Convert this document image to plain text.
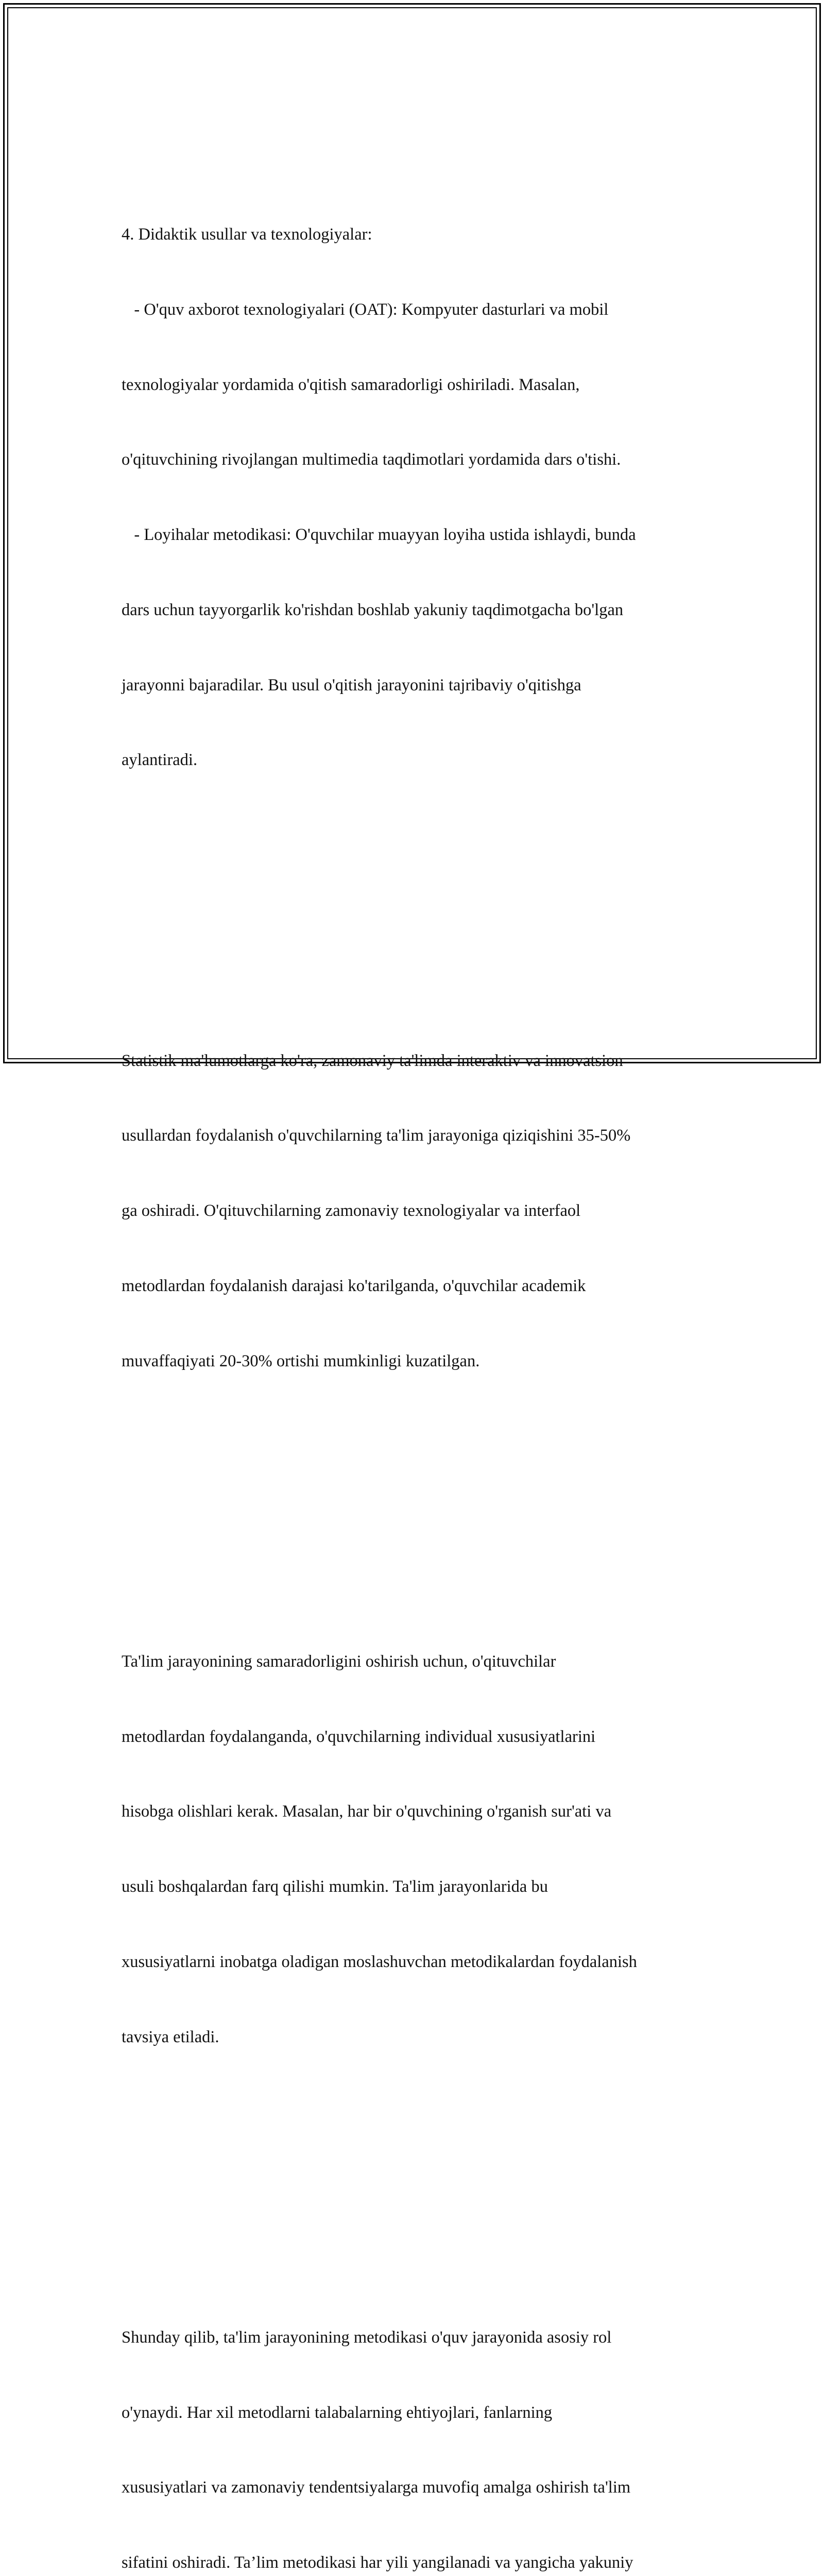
4. Didaktik usullar va texnologiyalar:

- O'quv axborot texnologiyalari (OAT): Kompyuter dasturlari va mobil

texnologiyalar yordamida o'qitish samaradorligi oshiriladi. Masalan,

o'qituvchining rivojlangan multimedia taqdimotlari yordamida dars o'tishi.

- Loyihalar metodikasi: O'quvchilar muayyan loyiha ustida ishlaydi, bunda

dars uchun tayyorgarlik ko'rishdan boshlab yakuniy taqdimotgacha bo'lgan

jarayonni bajaradilar. Bu usul o'qitish jarayonini tajribaviy o'qitishga

aylantiradi.

Statistik ma'lumotlarga ko'ra, zamonaviy ta'limda interaktiv va innovatsion

usullardan foydalanish o'quvchilarning ta'lim jarayoniga qiziqishini 35-50%

ga oshiradi. O'qituvchilarning zamonaviy texnologiyalar va interfaol

metodlardan foydalanish darajasi ko'tarilganda, o'quvchilar academik

muvaffaqiyati 20-30% ortishi mumkinligi kuzatilgan.

Ta'lim jarayonining samaradorligini oshirish uchun, o'qituvchilar

metodlardan foydalanganda, o'quvchilarning individual xususiyatlarini

hisobga olishlari kerak. Masalan, har bir o'quvchining o'rganish sur'ati va

usuli boshqalardan farq qilishi mumkin. Ta'lim jarayonlarida bu

xususiyatlarni inobatga oladigan moslashuvchan metodikalardan foydalanish

tavsiya etiladi.

Shunday qilib, ta'lim jarayonining metodikasi o'quv jarayonida asosiy rol

o'ynaydi. Har xil metodlarni talabalarning ehtiyojlari, fanlarning

xususiyatlari va zamonaviy tendentsiyalarga muvofiq amalga oshirish ta'lim

sifatini oshiradi. Ta’lim metodikasi har yili yangilanadi va yangicha yakuniy
